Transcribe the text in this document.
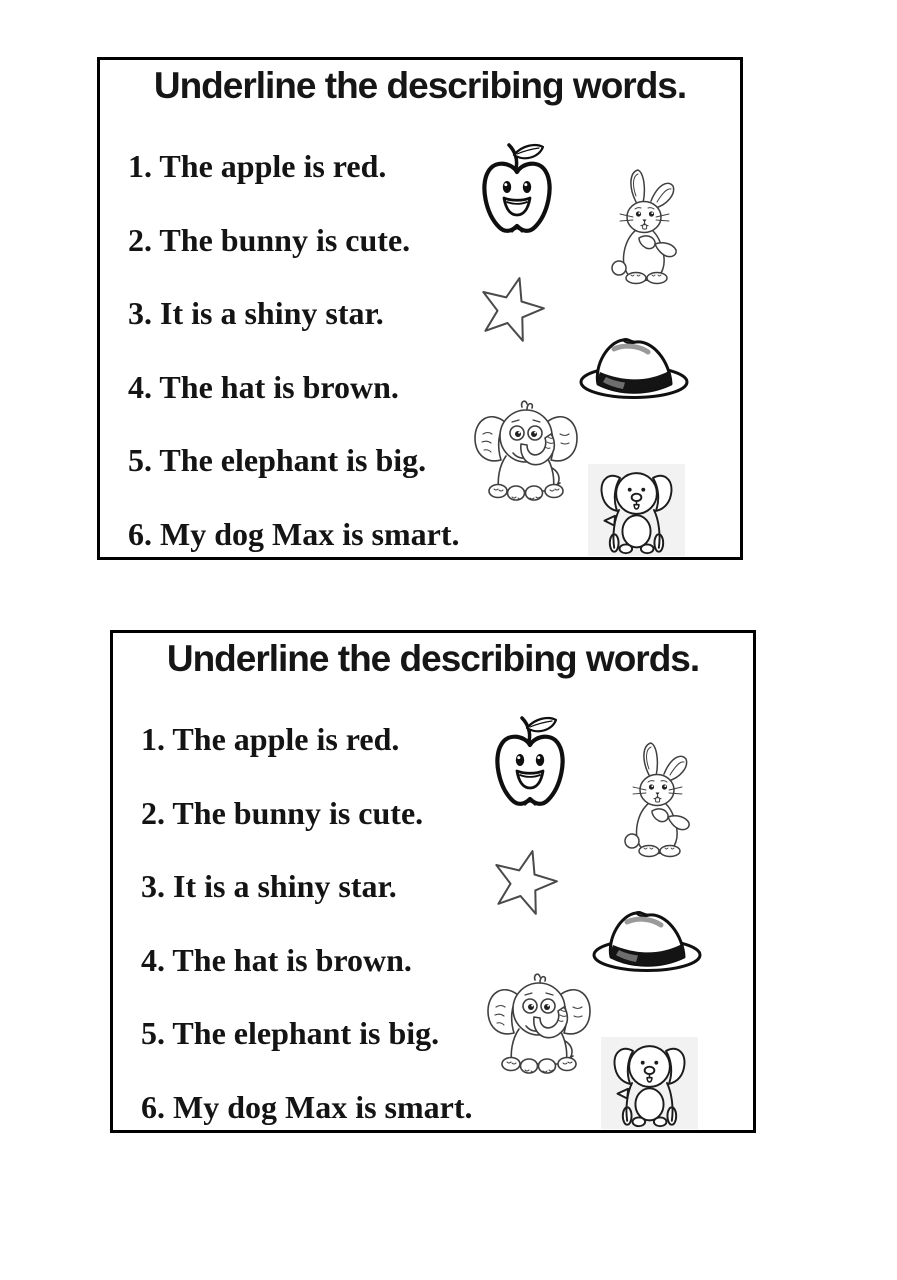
Underline the describing words.
1. The apple is red.
2. The bunny is cute.
3. It is a shiny star.
4. The hat is brown.
5. The elephant is big.
6. My dog Max is smart.
Underline the describing words.
1. The apple is red.
2. The bunny is cute.
3. It is a shiny star.
4. The hat is brown.
5. The elephant is big.
6. My dog Max is smart.
